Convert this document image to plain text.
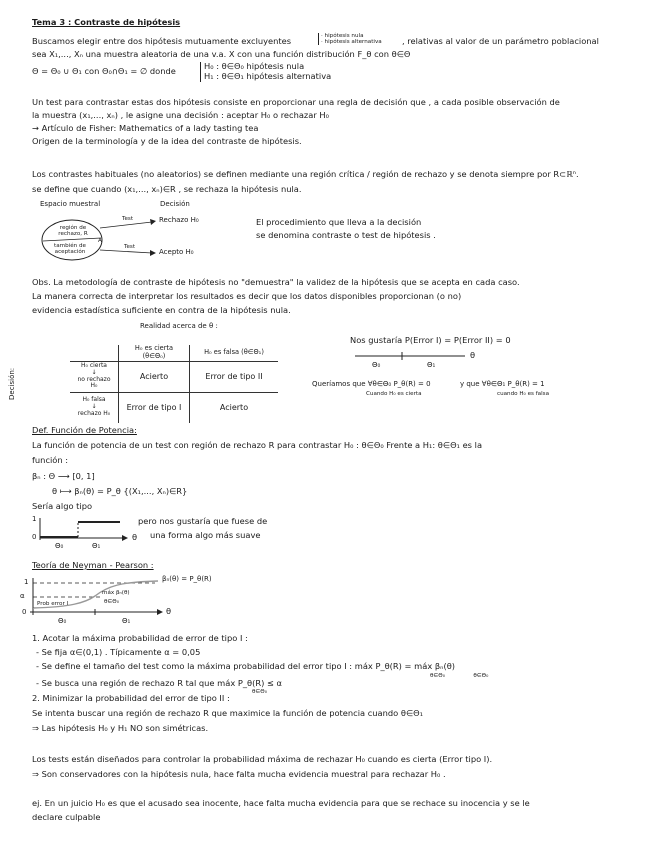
Tema 3 : Contraste de hipótesis
Buscamos elegir entre dos hipótesis mutuamente excluyentes	· hipótesis nula
· hipótesis alternativa , relativas al valor de un parámetro poblacional
sea X₁,..., Xₙ una muestra aleatoria de una v.a. X con una función distribución F_θ con θ∈Θ
Θ = Θ₀ ∪ Θ₁ con Θ₀∩Θ₁ = ∅ donde	H₀ : θ∈Θ₀ hipótesis nula
H₁ : θ∈Θ₁ hipótesis alternativa
Un test para contrastar estas dos hipótesis consiste en proporcionar una regla de decisión que , a cada posible observación de
la muestra (x₁,..., xₙ) , le asigne una decisión : aceptar H₀ o rechazar H₀
→ Artículo de Fisher: Mathematics of a lady tasting tea
Origen de la terminología y de la idea del contraste de hipótesis.
Los contrastes habituales (no aleatorios) se definen mediante una región crítica / región de rechazo y se denota siempre por R⊂ℝⁿ.
se define que cuando (x₁,..., xₙ)∈R , se rechaza la hipótesis nula.
Espacio muestral	Decisión
región de rechazo, R
también de aceptación
A
Test
Test
Rechazo H₀
Acepto H₀
El procedimiento que lleva a la decisión
se denomina contraste o test de hipótesis .
Obs. La metodología de contraste de hipótesis no "demuestra" la validez de la hipótesis que se acepta en cada caso.
La manera correcta de interpretar los resultados es decir que los datos disponibles proporcionan (o no)
evidencia estadística suficiente en contra de la hipótesis nula.
Realidad acerca de θ :
Decisión:
	H₀ es cierta (θ∈Θ₀)	H₀ es falsa (θ∈Θ₁)
H₀ cierta
↓
no rechazo H₀	Acierto	Error de tipo II
H₀ falsa
↓
rechazo H₀	Error de tipo I	Acierto
Nos gustaría P(Error I) = P(Error II) = 0
θ
Θ₀	Θ₁
Queríamos que ∀θ∈Θ₀ P_θ(R) = 0	y que ∀θ∈Θ₁ P_θ(R) = 1
Cuando H₀ es cierta	cuando H₀ es falsa
Def. Función de Potencia:
La función de potencia de un test con región de rechazo R para contrastar H₀ : θ∈Θ₀ Frente a H₁: θ∈Θ₁ es la
función :
βₙ : Θ ⟶ [0, 1]
θ ⟼ βₙ(θ) = P_θ {(X₁,..., Xₙ)∈R}
Sería algo tipo
1
0	θ
Θ₀	Θ₁
pero nos gustaría que fuese de
una forma algo más suave
Teoría de Neyman - Pearson :
βₙ(θ) = P_θ(R)
1
α
0
Prob error I
máx βₙ(θ)
θ∈Θ₀
Θ₀	Θ₁
θ
1. Acotar la máxima probabilidad de error de tipo I :
- Se fija α∈(0,1) . Típicamente α = 0,05
- Se define el tamaño del test como la máxima probabilidad del error tipo I : máx P_θ(R) = máx βₙ(θ)
θ∈Θ₀                θ∈Θ₀
- Se busca una región de rechazo R tal que máx P_θ(R) ≤ α
θ∈Θ₀
2. Minimizar la probabilidad del error de tipo II :
Se intenta buscar una región de rechazo R que maximice la función de potencia cuando θ∈Θ₁
⇒ Las hipótesis H₀ y H₁ NO son simétricas.
Los tests están diseñados para controlar la probabilidad máxima de rechazar H₀ cuando es cierta (Error tipo I).
⇒ Son conservadores con la hipótesis nula, hace falta mucha evidencia muestral para rechazar H₀ .
ej. En un juicio H₀ es que el acusado sea inocente, hace falta mucha evidencia para que se rechace su inocencia y se le
declare culpable
